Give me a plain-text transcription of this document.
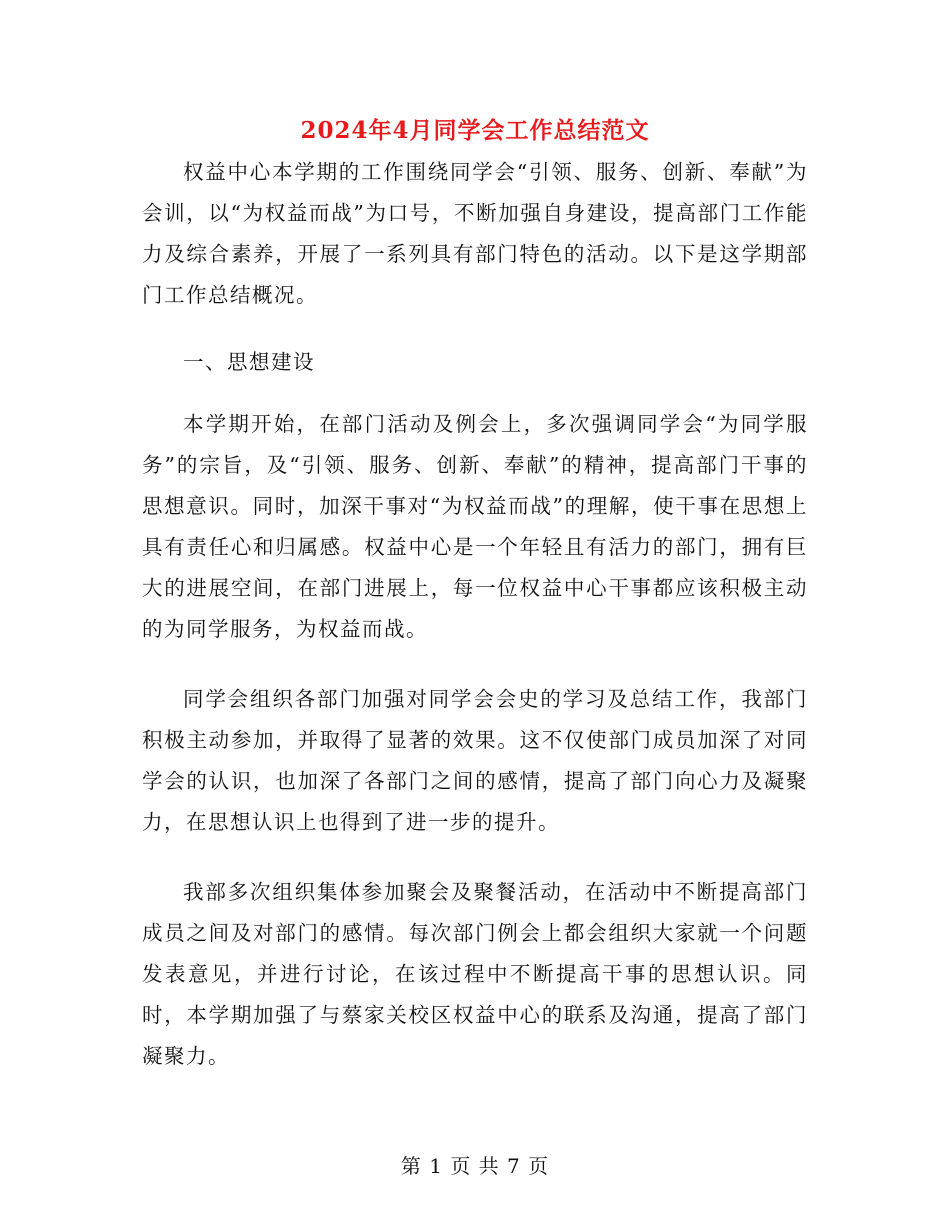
2024年4月同学会工作总结范文

权益中心本学期的工作围绕同学会“引领、服务、创新、奉献”为会训，以“为权益而战”为口号，不断加强自身建设，提高部门工作能力及综合素养，开展了一系列具有部门特色的活动。以下是这学期部门工作总结概况。

一、思想建设

本学期开始，在部门活动及例会上，多次强调同学会“为同学服务”的宗旨，及“引领、服务、创新、奉献”的精神，提高部门干事的思想意识。同时，加深干事对“为权益而战”的理解，使干事在思想上具有责任心和归属感。权益中心是一个年轻且有活力的部门，拥有巨大的进展空间，在部门进展上，每一位权益中心干事都应该积极主动的为同学服务，为权益而战。

同学会组织各部门加强对同学会会史的学习及总结工作，我部门积极主动参加，并取得了显著的效果。这不仅使部门成员加深了对同学会的认识，也加深了各部门之间的感情，提高了部门向心力及凝聚力，在思想认识上也得到了进一步的提升。

我部多次组织集体参加聚会及聚餐活动，在活动中不断提高部门成员之间及对部门的感情。每次部门例会上都会组织大家就一个问题发表意见，并进行讨论，在该过程中不断提高干事的思想认识。同时，本学期加强了与蔡家关校区权益中心的联系及沟通，提高了部门凝聚力。

第 1 页 共 7 页
